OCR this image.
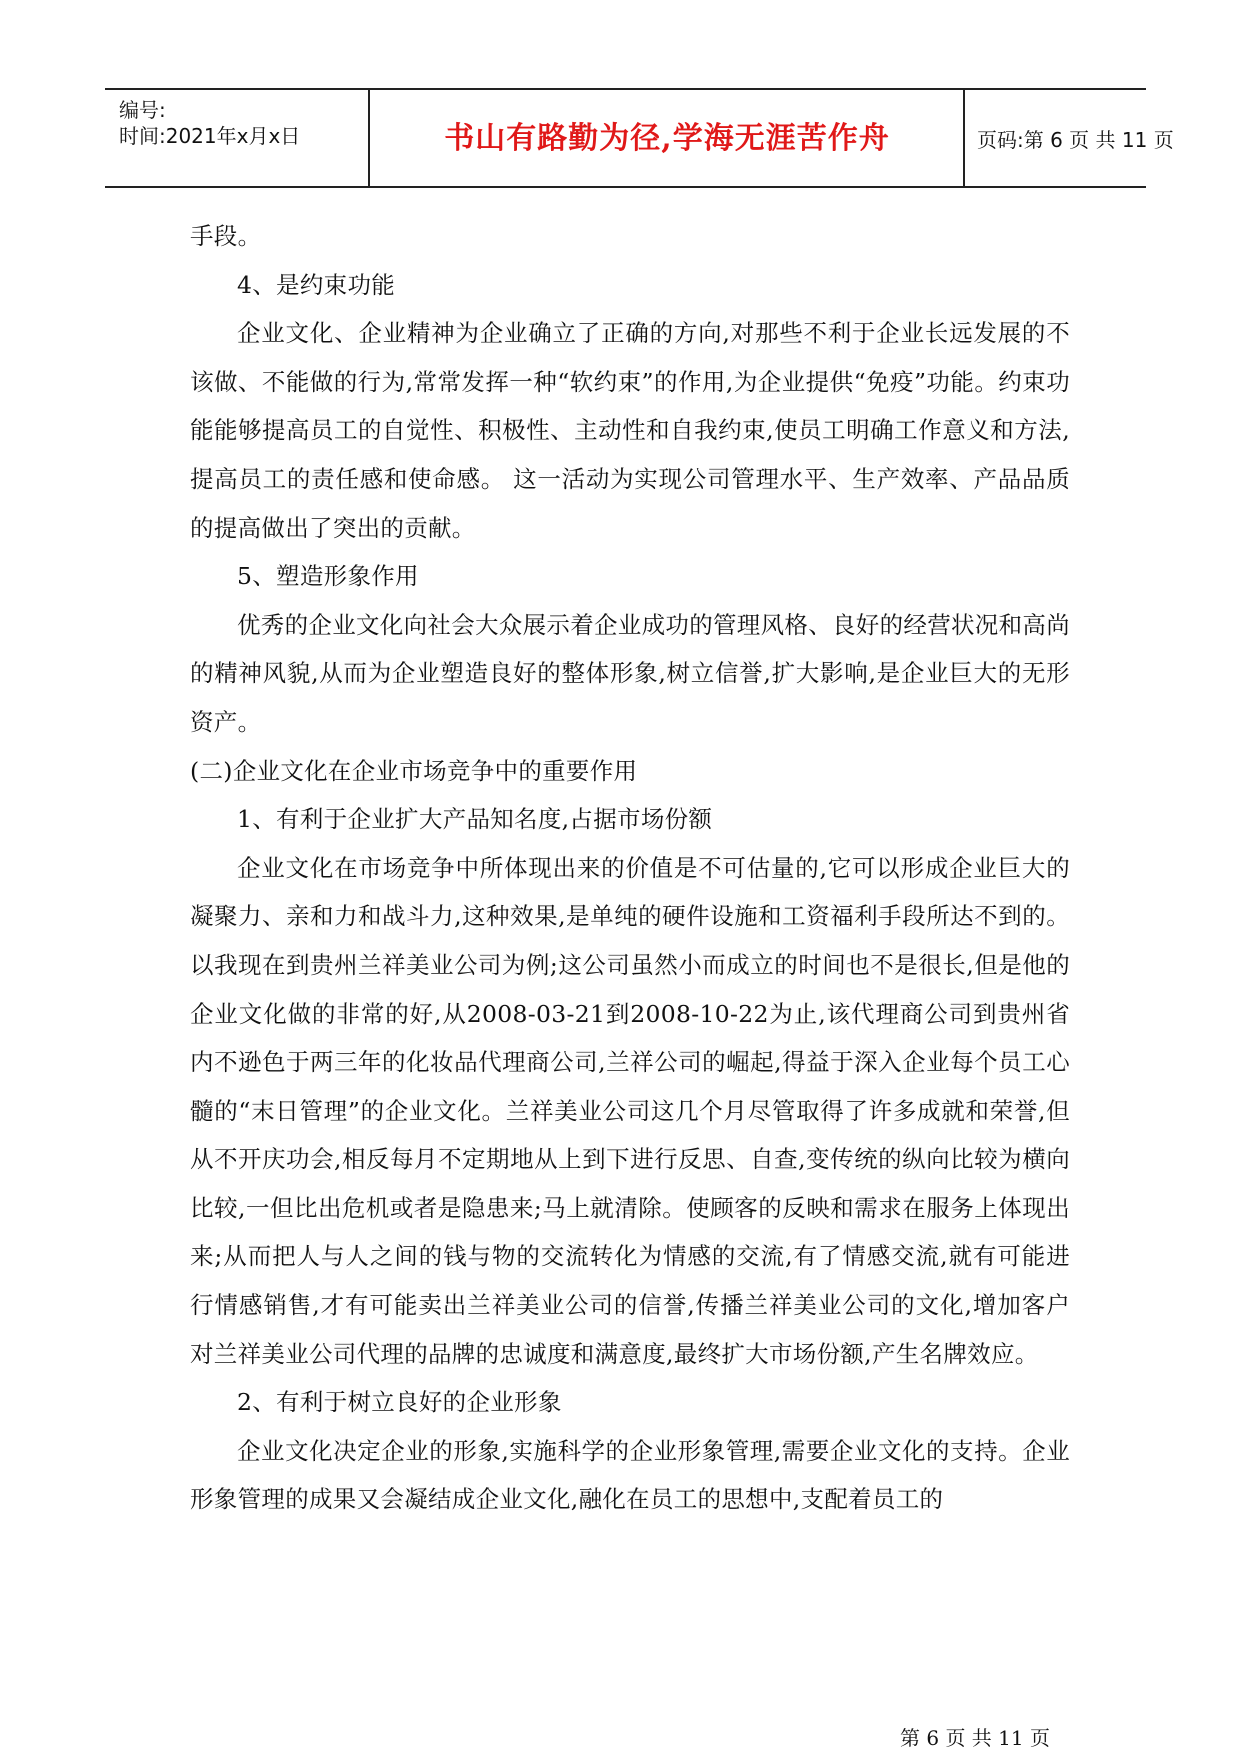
编号:
时间:2021年x月x日	书山有路勤为径,学海无涯苦作舟	页码:第 6 页 共 11 页

手段。

4、是约束功能

企业文化、企业精神为企业确立了正确的方向,对那些不利于企业长远发展的不该做、不能做的行为,常常发挥一种“软约束”的作用,为企业提供“免疫”功能。约束功能能够提高员工的自觉性、积极性、主动性和自我约束,使员工明确工作意义和方法,提高员工的责任感和使命感。 这一活动为实现公司管理水平、生产效率、产品品质的提高做出了突出的贡献。

5、塑造形象作用

优秀的企业文化向社会大众展示着企业成功的管理风格、良好的经营状况和高尚的精神风貌,从而为企业塑造良好的整体形象,树立信誉,扩大影响,是企业巨大的无形资产。

(二)企业文化在企业市场竞争中的重要作用

1、有利于企业扩大产品知名度,占据市场份额

企业文化在市场竞争中所体现出来的价值是不可估量的,它可以形成企业巨大的凝聚力、亲和力和战斗力,这种效果,是单纯的硬件设施和工资福利手段所达不到的。以我现在到贵州兰祥美业公司为例;这公司虽然小而成立的时间也不是很长,但是他的企业文化做的非常的好,从2008-03-21到2008-10-22为止,该代理商公司到贵州省内不逊色于两三年的化妆品代理商公司,兰祥公司的崛起,得益于深入企业每个员工心髓的“末日管理”的企业文化。兰祥美业公司这几个月尽管取得了许多成就和荣誉,但从不开庆功会,相反每月不定期地从上到下进行反思、自查,变传统的纵向比较为横向比较,一但比出危机或者是隐患来;马上就清除。使顾客的反映和需求在服务上体现出来;从而把人与人之间的钱与物的交流转化为情感的交流,有了情感交流,就有可能进行情感销售,才有可能卖出兰祥美业公司的信誉,传播兰祥美业公司的文化,增加客户对兰祥美业公司代理的品牌的忠诚度和满意度,最终扩大市场份额,产生名牌效应。

2、有利于树立良好的企业形象

企业文化决定企业的形象,实施科学的企业形象管理,需要企业文化的支持。企业形象管理的成果又会凝结成企业文化,融化在员工的思想中,支配着员工的

第 6 页 共 11 页
